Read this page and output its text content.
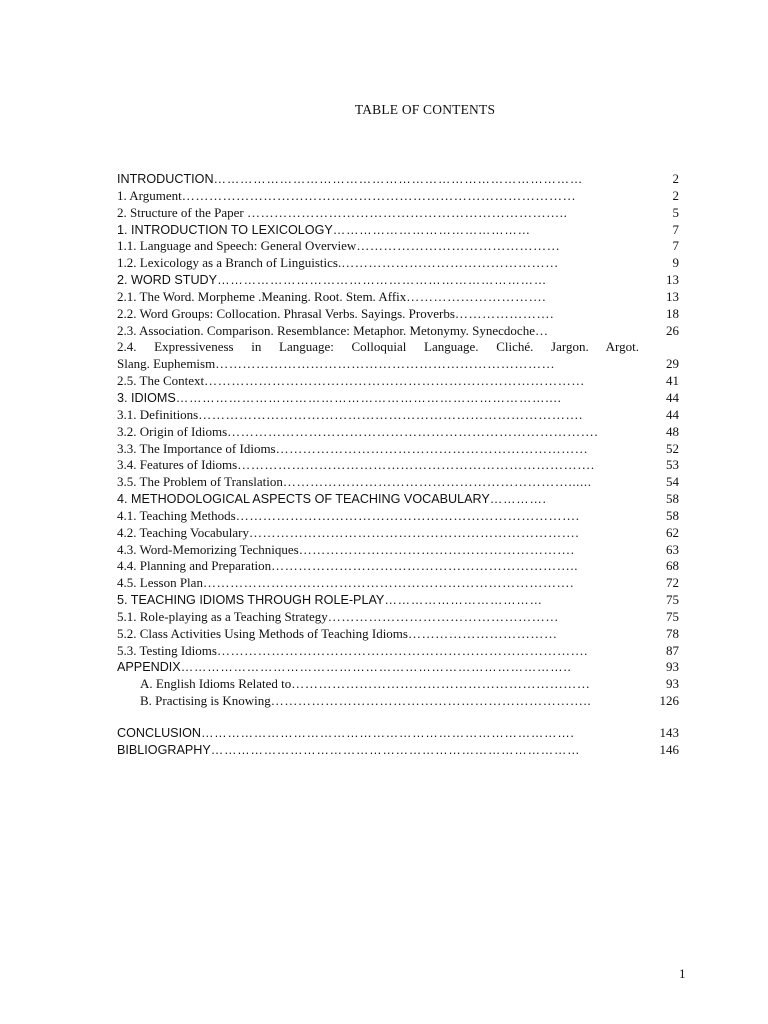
TABLE OF CONTENTS
INTRODUCTION…………………………………………………………………………	2
1. Argument……………………………………………………………………………	2
2. Structure of the Paper ……………………………………………………………..	5
1. INTRODUCTION TO LEXICOLOGY………………………………………	7
1.1. Language and Speech: General Overview………………………………………	7
1.2. Lexicology as a Branch of Linguistics.…………………………………………	9
2. WORD STUDY…………………………………………………………………	13
2.1. The Word. Morpheme .Meaning. Root. Stem. Affix………………………….	13
2.2. Word Groups: Collocation. Phrasal Verbs. Sayings. Proverbs………………….	18
2.3. Association. Comparison. Resemblance: Metaphor. Metonymy. Synecdoche…	26
2.4. Expressiveness in Language: Colloquial Language. Cliché. Jargon. Argot.
Slang. Euphemism…………………………………………………………………	29
2.5. The Context…………………………………………………………………………	41
3. IDIOMS…………………………………………………………………………....	44
3.1. Definitions………………………………………………………………………….	44
3.2. Origin of Idioms……………………………………………………………………….	48
3.3. The Importance of Idioms……………………………………………………………	52
3.4. Features of Idioms…………………………………………………………………….	53
3.5. The Problem of Translation………………………………………………………......	54
4. METHODOLOGICAL ASPECTS OF TEACHING VOCABULARY………….	58
4.1. Teaching Methods………………………………………………………………….	58
4.2. Teaching Vocabulary……………………………………………………………….	62
4.3. Word-Memorizing Techniques…………………………………………………….	63
4.4. Planning and Preparation…………………………………………………………..	68
4.5. Lesson Plan……………………………………………………………………….	72
5. TEACHING IDIOMS THROUGH ROLE-PLAY………………………………	75
5.1. Role-playing as a Teaching Strategy……………………………………………	75
5.2. Class Activities Using Methods of Teaching Idioms……………………………	78
5.3. Testing Idioms……………………………………………………………………….	87
APPENDIX……………………………………………………………………………..	93
A. English Idioms Related to…………………………………………………………	93
B. Practising is Knowing……………………………………………………………..	126
CONCLUSION………………………………………………………………………….	143
BIBLIOGRAPHY…………………………………………………………………………	146
1
